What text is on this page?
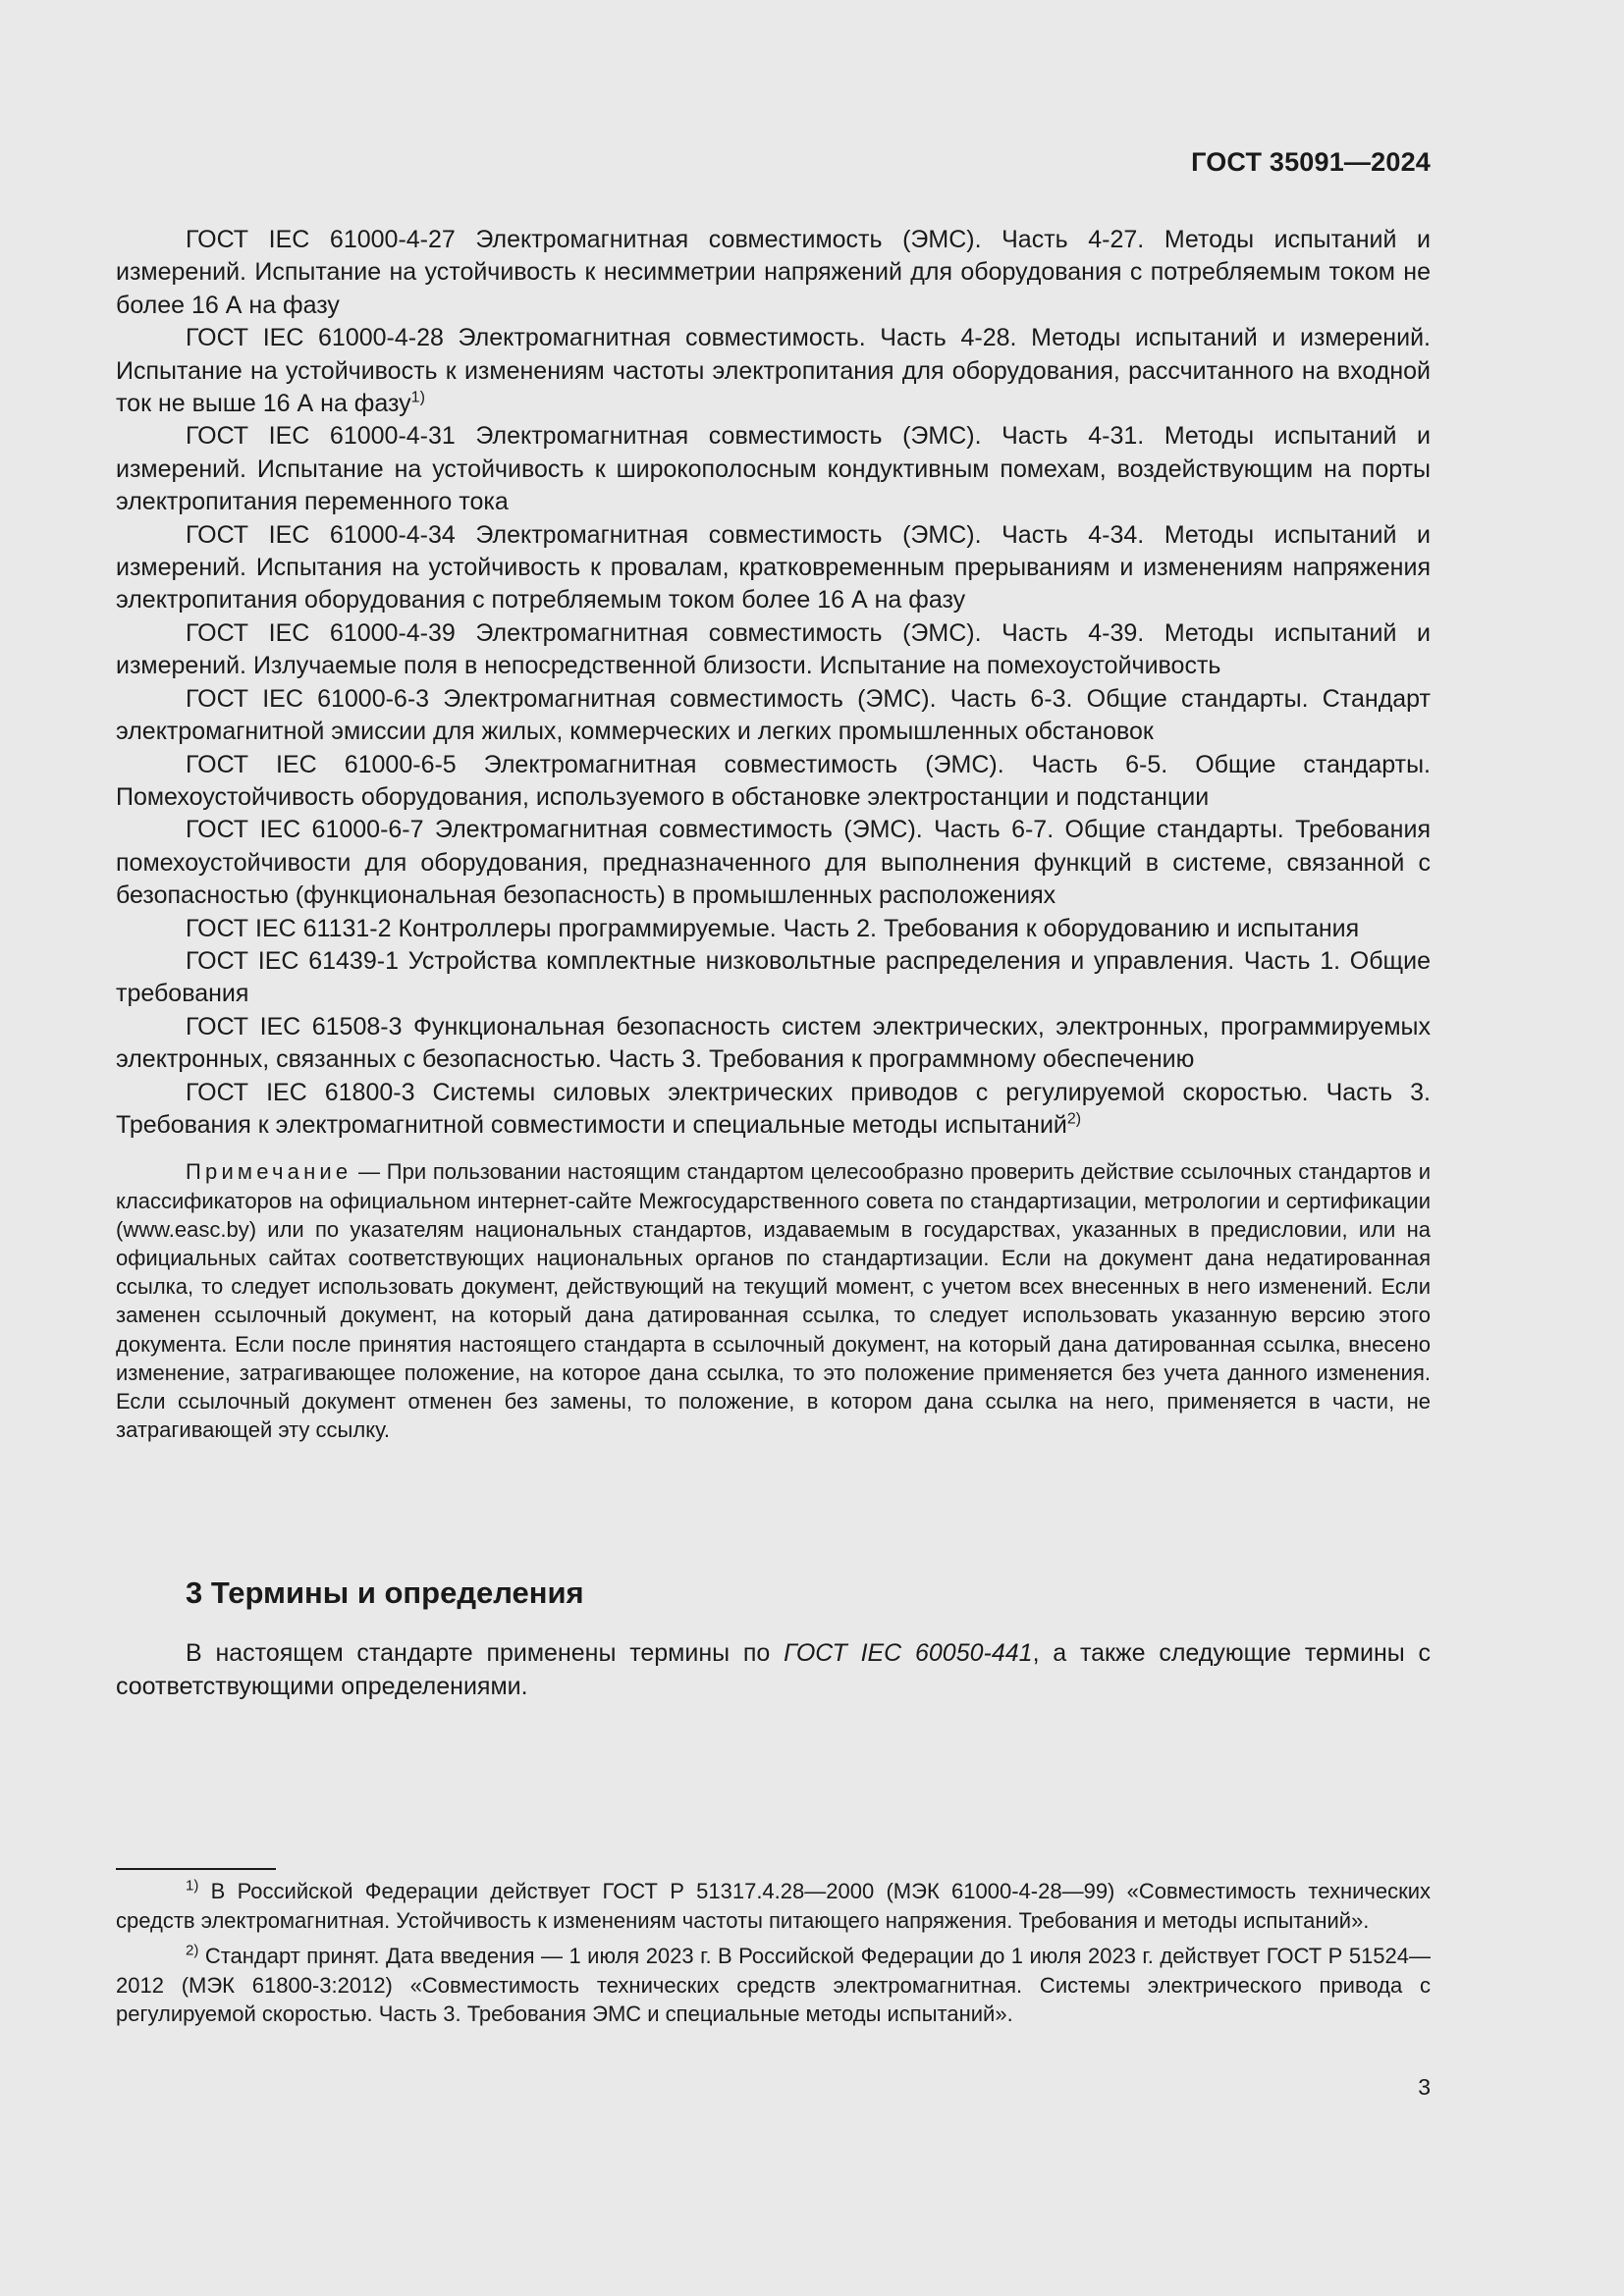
ГОСТ 35091—2024

ГОСТ IEC 61000-4-27 Электромагнитная совместимость (ЭМС). Часть 4-27. Методы испытаний и измерений. Испытание на устойчивость к несимметрии напряжений для оборудования с потребляемым током не более 16 А на фазу

ГОСТ IEC 61000-4-28 Электромагнитная совместимость. Часть 4-28. Методы испытаний и измерений. Испытание на устойчивость к изменениям частоты электропитания для оборудования, рассчитанного на входной ток не выше 16 А на фазу$^{1)}$

ГОСТ IEC 61000-4-31 Электромагнитная совместимость (ЭМС). Часть 4-31. Методы испытаний и измерений. Испытание на устойчивость к широкополосным кондуктивным помехам, воздействующим на порты электропитания переменного тока

ГОСТ IEC 61000-4-34 Электромагнитная совместимость (ЭМС). Часть 4-34. Методы испытаний и измерений. Испытания на устойчивость к провалам, кратковременным прерываниям и изменениям напряжения электропитания оборудования с потребляемым током более 16 А на фазу

ГОСТ IEC 61000-4-39 Электромагнитная совместимость (ЭМС). Часть 4-39. Методы испытаний и измерений. Излучаемые поля в непосредственной близости. Испытание на помехоустойчивость

ГОСТ IEC 61000-6-3 Электромагнитная совместимость (ЭМС). Часть 6-3. Общие стандарты. Стандарт электромагнитной эмиссии для жилых, коммерческих и легких промышленных обстановок

ГОСТ IEC 61000-6-5 Электромагнитная совместимость (ЭМС). Часть 6-5. Общие стандарты. Помехоустойчивость оборудования, используемого в обстановке электростанции и подстанции

ГОСТ IEC 61000-6-7 Электромагнитная совместимость (ЭМС). Часть 6-7. Общие стандарты. Требования помехоустойчивости для оборудования, предназначенного для выполнения функций в системе, связанной с безопасностью (функциональная безопасность) в промышленных расположениях

ГОСТ IEC 61131-2 Контроллеры программируемые. Часть 2. Требования к оборудованию и испытания

ГОСТ IEC 61439-1 Устройства комплектные низковольтные распределения и управления. Часть 1. Общие требования

ГОСТ IEC 61508-3 Функциональная безопасность систем электрических, электронных, программируемых электронных, связанных с безопасностью. Часть 3. Требования к программному обеспечению

ГОСТ IEC 61800-3 Системы силовых электрических приводов с регулируемой скоростью. Часть 3. Требования к электромагнитной совместимости и специальные методы испытаний$^{2)}$

Примечание — При пользовании настоящим стандартом целесообразно проверить действие ссылочных стандартов и классификаторов на официальном интернет-сайте Межгосударственного совета по стандартизации, метрологии и сертификации (www.easc.by) или по указателям национальных стандартов, издаваемым в государствах, указанных в предисловии, или на официальных сайтах соответствующих национальных органов по стандартизации. Если на документ дана недатированная ссылка, то следует использовать документ, действующий на текущий момент, с учетом всех внесенных в него изменений. Если заменен ссылочный документ, на который дана датированная ссылка, то следует использовать указанную версию этого документа. Если после принятия настоящего стандарта в ссылочный документ, на который дана датированная ссылка, внесено изменение, затрагивающее положение, на которое дана ссылка, то это положение применяется без учета данного изменения. Если ссылочный документ отменен без замены, то положение, в котором дана ссылка на него, применяется в части, не затрагивающей эту ссылку.

3 Термины и определения

В настоящем стандарте применены термины по ГОСТ IEC 60050-441, а также следующие термины с соответствующими определениями.

$^{1)}$ В Российской Федерации действует ГОСТ Р 51317.4.28—2000 (МЭК 61000-4-28—99) «Совместимость технических средств электромагнитная. Устойчивость к изменениям частоты питающего напряжения. Требования и методы испытаний».

$^{2)}$ Стандарт принят. Дата введения — 1 июля 2023 г. В Российской Федерации до 1 июля 2023 г. действует ГОСТ Р 51524—2012 (МЭК 61800-3:2012) «Совместимость технических средств электромагнитная. Системы электрического привода с регулируемой скоростью. Часть 3. Требования ЭМС и специальные методы испытаний».

3
